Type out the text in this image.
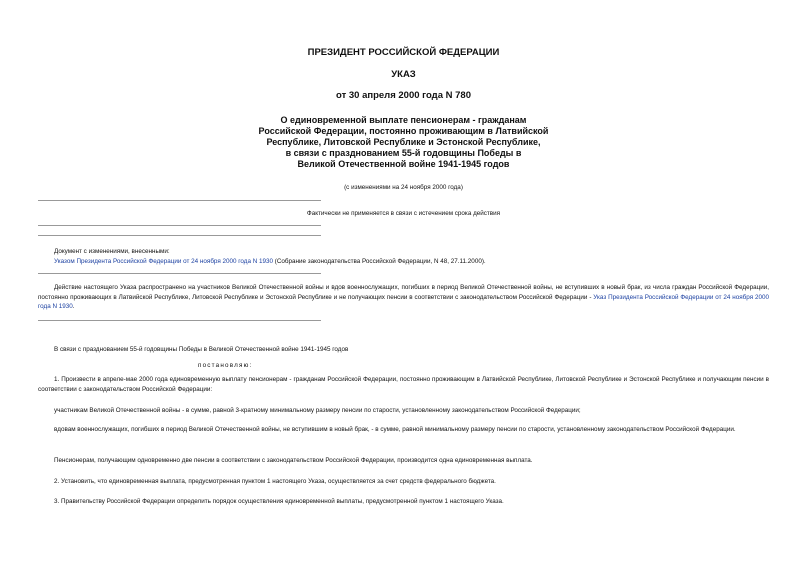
ПРЕЗИДЕНТ РОССИЙСКОЙ ФЕДЕРАЦИИ
УКАЗ
от 30 апреля 2000 года N 780
О единовременной выплате пенсионерам - гражданам
Российской Федерации, постоянно проживающим в Латвийской
Республике, Литовской Республике и Эстонской Республике,
в связи с празднованием 55-й годовщины Победы в
Великой Отечественной войне 1941-1945 годов
(с изменениями на 24 ноября 2000 года)
Фактически не применяется в связи с истечением срока действия
Документ с изменениями, внесенными:
Указом Президента Российской Федерации от 24 ноября 2000 года N 1930 (Собрание законодательства Российской Федерации, N 48, 27.11.2000).
Действие настоящего Указа распространено на участников Великой Отечественной войны и вдов военнослужащих, погибших в период Великой Отечественной войны, не вступивших в новый брак, из числа граждан Российской Федерации, постоянно проживающих в Латвийской Республике, Литовской Республике и Эстонской Республике и не получающих пенсии в соответствии с законодательством Российской Федерации - Указ Президента Российской Федерации от 24 ноября 2000 года N 1930.
В связи с празднованием 55-й годовщины Победы в Великой Отечественной войне 1941-1945 годов
постановляю:
1. Произвести в апреле-мае 2000 года единовременную выплату пенсионерам - гражданам Российской Федерации, постоянно проживающим в Латвийской Республике, Литовской Республике и Эстонской Республике и получающим пенсии в соответствии с законодательством Российской Федерации:
участникам Великой Отечественной войны - в сумме, равной 3-кратному минимальному размеру пенсии по старости, установленному законодательством Российской Федерации;
вдовам военнослужащих, погибших в период Великой Отечественной войны, не вступившим в новый брак, - в сумме, равной минимальному размеру пенсии по старости, установленному законодательством Российской Федерации.
Пенсионерам, получающим одновременно две пенсии в соответствии с законодательством Российской Федерации, производится одна единовременная выплата.
2. Установить, что единовременная выплата, предусмотренная пунктом 1 настоящего Указа, осуществляется за счет средств федерального бюджета.
3. Правительству Российской Федерации определить порядок осуществления единовременной выплаты, предусмотренной пунктом 1 настоящего Указа.
